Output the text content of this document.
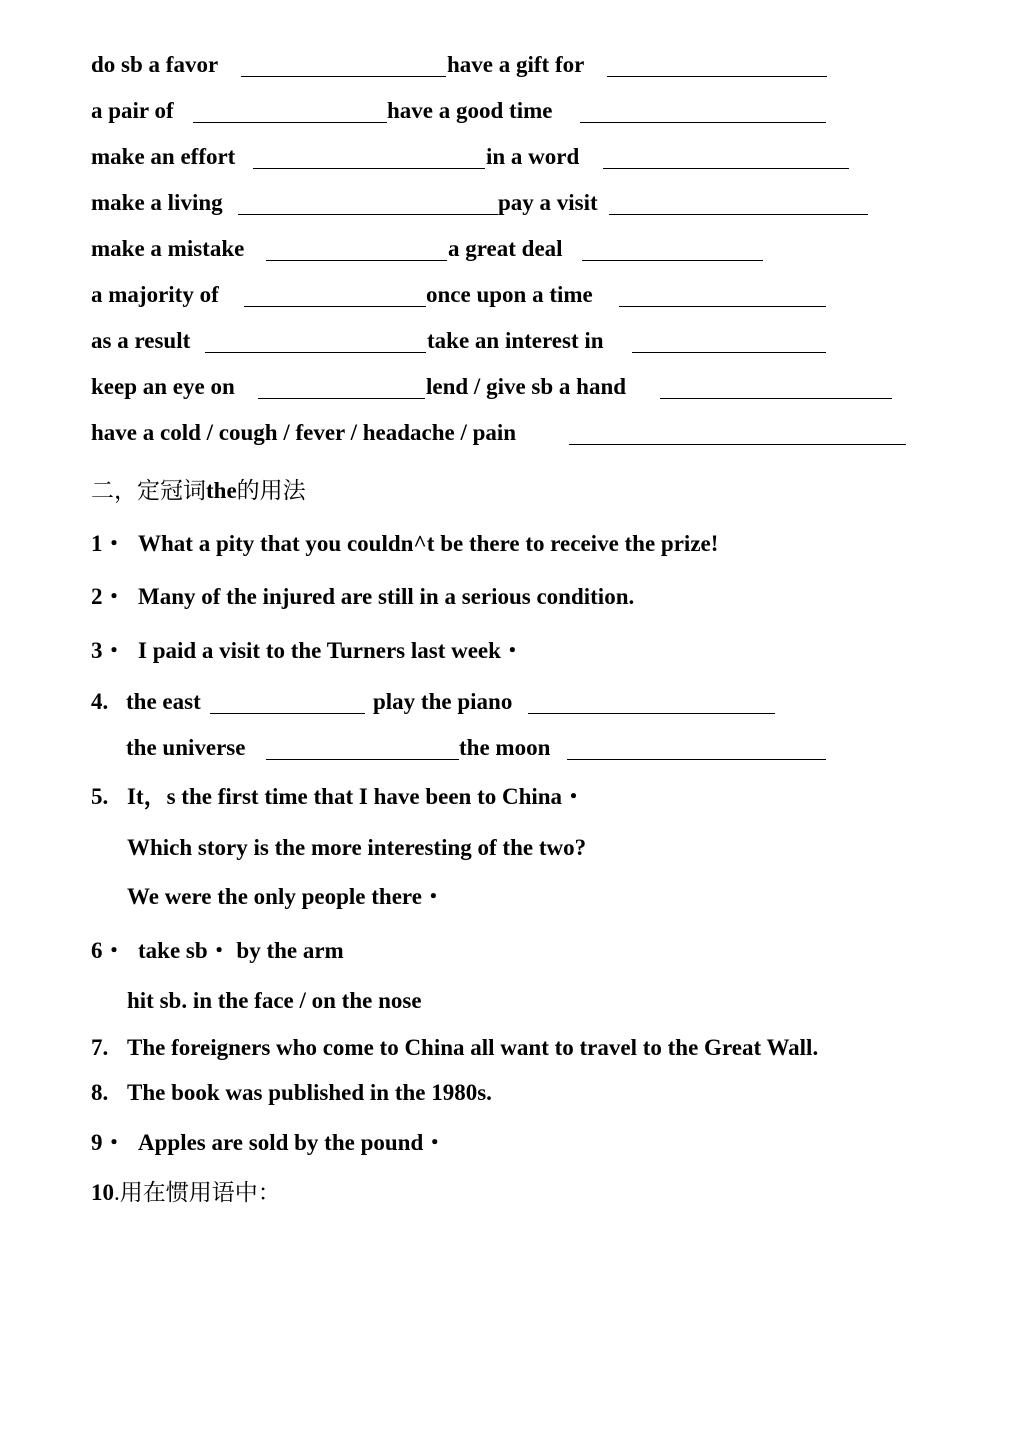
do sb a favor	have a gift for
a pair of	have a good time
make an effort	in a word
make a living	pay a visit
make a mistake	a great deal
a majority of	once upon a time
as a result	take an interest in
keep an eye on	lend / give sb a hand
have a cold / cough / fever / headache / pain
二，定冠词the的用法
1・ What a pity that you couldn^t be there to receive the prize!
2・ Many of the injured are still in a serious condition.
3・ I paid a visit to the Turners last week・
4. the east	play the piano
the universe	the moon
5. It，s the first time that I have been to China・
Which story is the more interesting of the two?
We were the only people there・
6・ take sb・ by the arm
hit sb. in the face / on the nose
7. The foreigners who come to China all want to travel to the Great Wall.
8. The book was published in the 1980s.
9・ Apples are sold by the pound・
10.用在惯用语中：
